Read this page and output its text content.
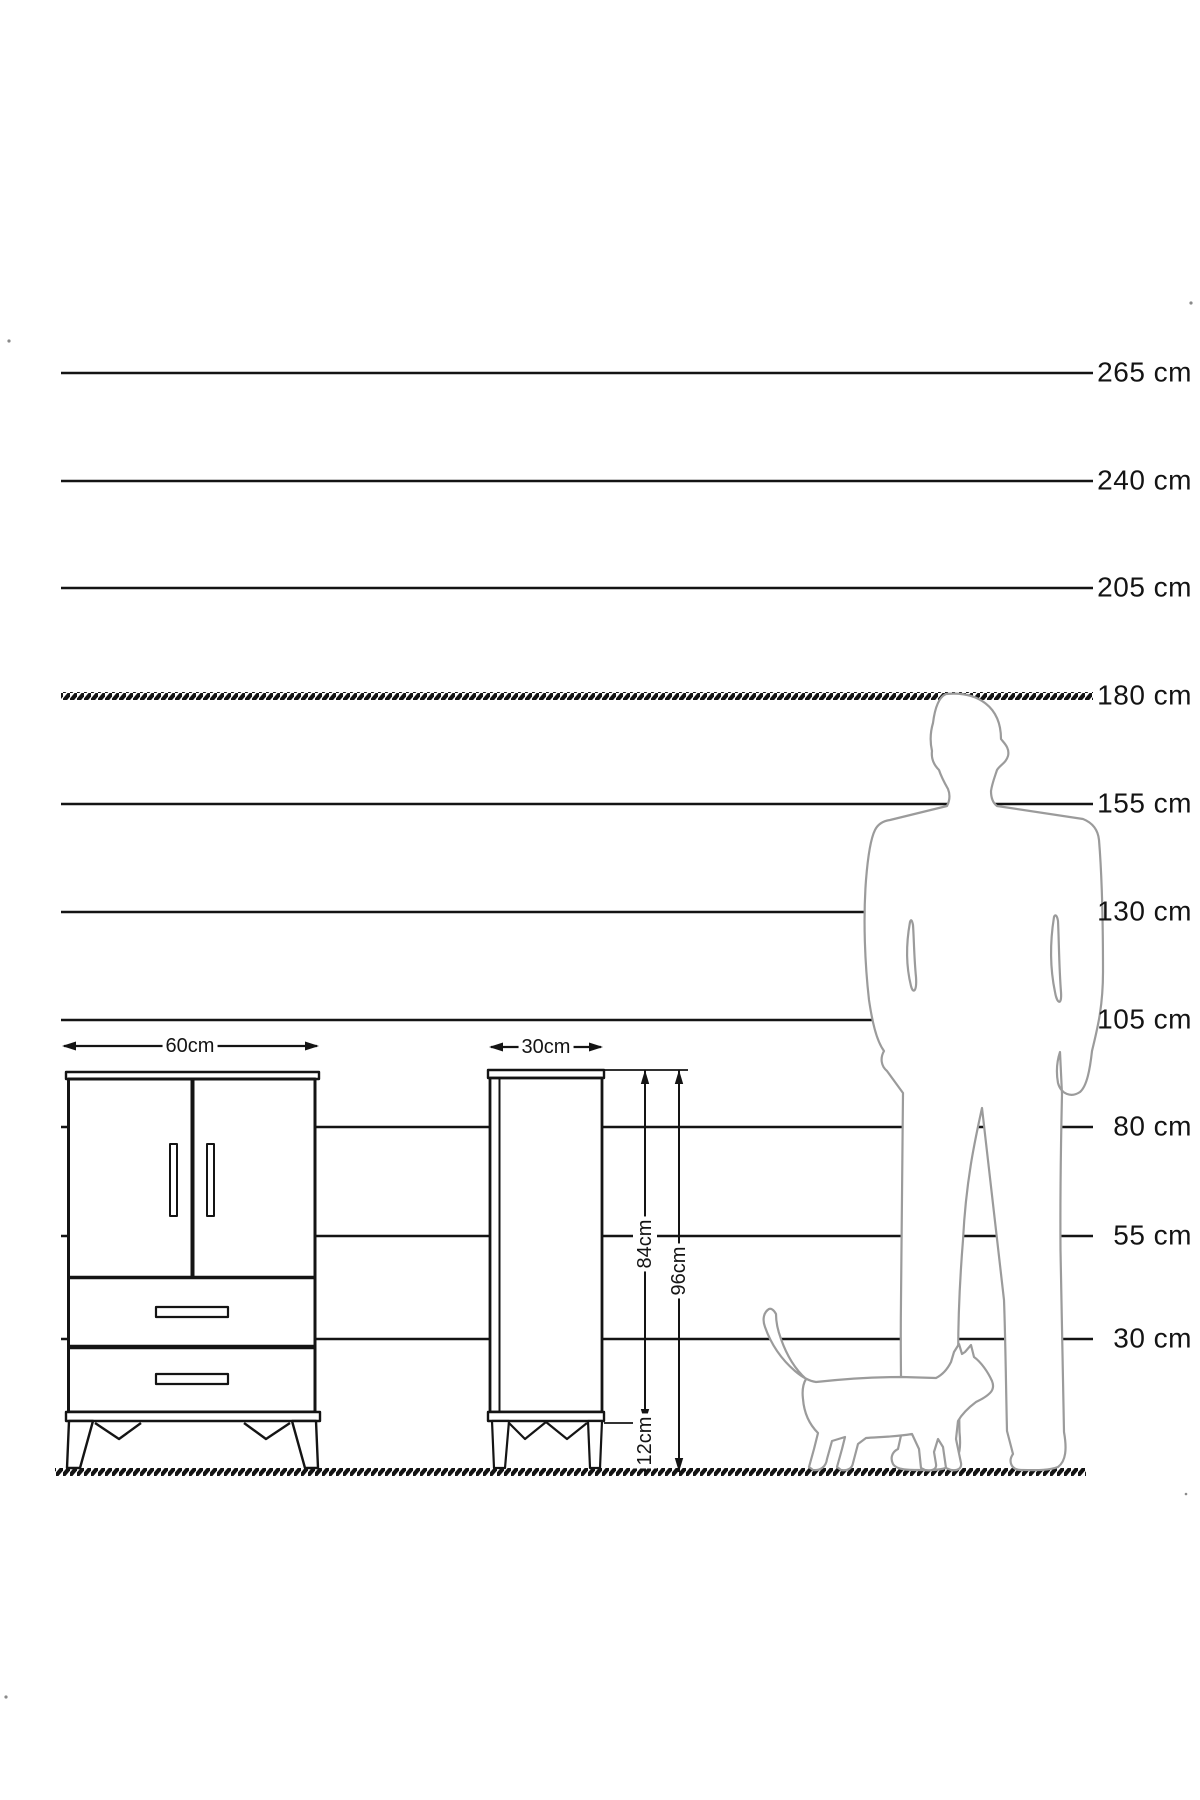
265 cm
240 cm
205 cm
180 cm
155 cm
130 cm
105 cm
80 cm
55 cm
30 cm
60cm	30cm
84cm
96cm
12cm
